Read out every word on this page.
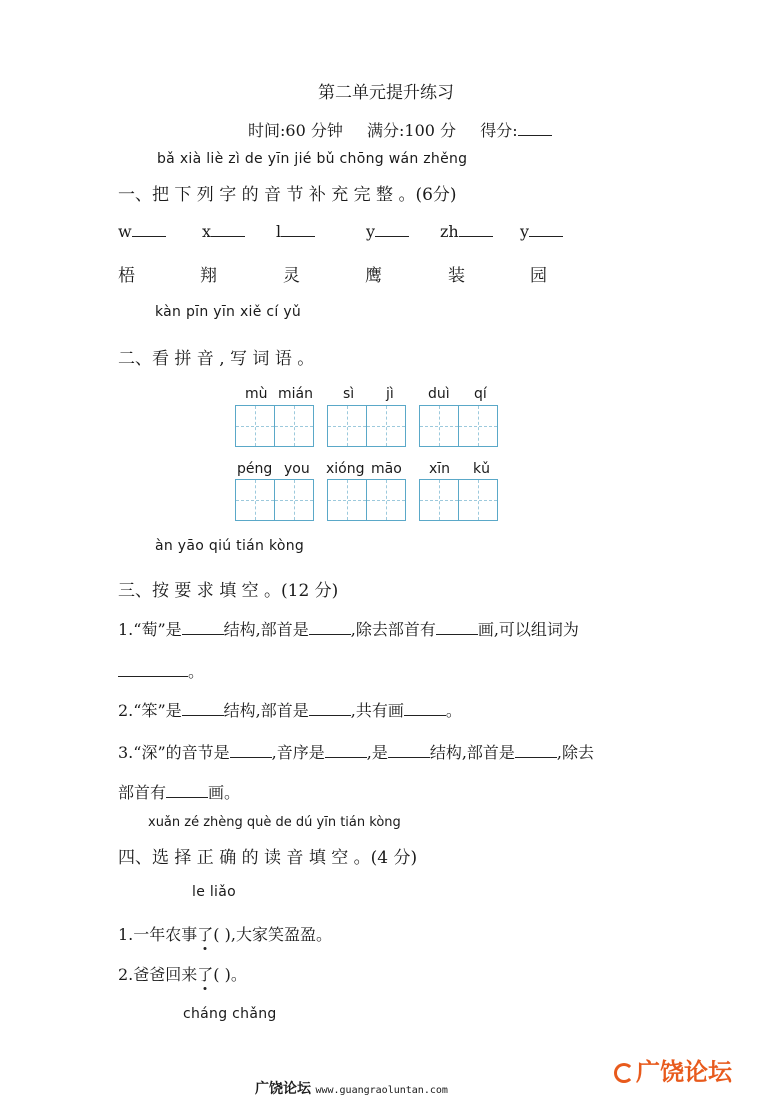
第二单元提升练习
时间:60 分钟 满分:100 分 得分:
bǎ xià liè zì de yīn jié bǔ chōng wán zhěng
一、把 下 列 字 的 音 节 补 充 完 整 。(6分)
w	x	l	y	zh	y
梧	翔	灵	鹰	装	园
kàn pīn yīn xiě cí yǔ
二、看 拼 音 , 写 词 语 。
mù mián sì jì duì qí
péng you xióng māo xīn kǔ
àn yāo qiú tián kòng
三、按 要 求 填 空 。(12 分)
1.“萄”是	结构,部首是	,除去部首有	画,可以组词为
。
2.“笨”是	结构,部首是	,共有画	。
3.“深”的音节是	,音序是	,是	结构,部首是	,除去
部首有	画。
xuǎn zé zhèng què de dú yīn tián kòng
四、选 择 正 确 的 读 音 填 空 。(4 分)
le liǎo
1.一年农事了( ),大家笑盈盈。
2.爸爸回来了( )。
cháng chǎng
广饶论坛 www.guangraoluntan.com
广饶论坛
